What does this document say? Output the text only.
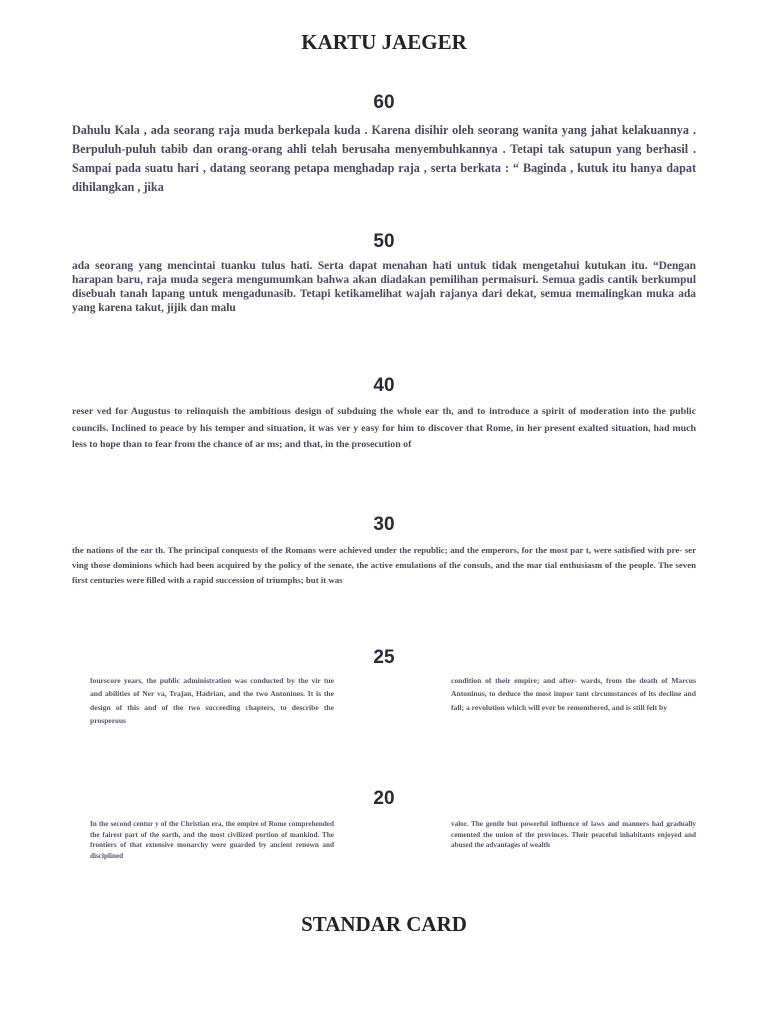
KARTU JAEGER
60

Dahulu Kala , ada seorang raja muda berkepala kuda . Karena disihir oleh seorang wanita yang jahat kelakuannya . Berpuluh-puluh tabib dan orang-orang ahli telah berusaha menyembuhkannya . Tetapi tak satupun yang berhasil . Sampai pada suatu hari , datang seorang petapa menghadap raja , serta berkata : “ Baginda , kutuk itu hanya dapat dihilangkan , jika

50

ada seorang yang mencintai tuanku tulus hati. Serta dapat menahan hati untuk tidak mengetahui kutukan itu. “Dengan harapan baru, raja muda segera mengumumkan bahwa akan diadakan pemilihan permaisuri. Semua gadis cantik berkumpul disebuah tanah lapang untuk mengadunasib. Tetapi ketikamelihat wajah rajanya dari dekat, semua memalingkan muka ada yang karena takut, jijik dan malu

40

reser ved for Augustus to relinquish the ambitious design of subduing the whole ear th, and to introduce a spirit of moderation into the public councils. Inclined to peace by his temper and situation, it was ver y easy for him to discover that Rome, in her present exalted situation, had much less to hope than to fear from the chance of ar ms; and that, in the prosecution of

30

the nations of the ear th. The principal conquests of the Romans were achieved under the republic; and the emperors, for the most par t, were satisfied with pre- ser ving those dominions which had been acquired by the policy of the senate, the active emulations of the consuls, and the mar tial enthusiasm of the people. The seven first centuries were filled with a rapid succession of triumphs; but it was

25

fourscore years, the public administration was conducted by the vir tue and abilities of Ner va, Trajan, Hadrian, and the two Antonines. It is the design of this and of the two succeeding chapters, to describe the prosperous

condition of their empire; and after- wards, from the death of Marcus Antoninus, to deduce the most impor tant circumstances of its decline and fall; a revolution which will ever be remembered, and is still felt by

20

In the second centur y of the Christian era, the empire of Rome comprehended the fairest part of the earth, and the most civilized portion of mankind. The frontiers of that extensive monarchy were guarded by ancient renown and disciplined

valor. The gentle but powerful influence of laws and manners had gradually cemented the union of the provinces. Their peaceful inhabitants enjoyed and abused the advantages of wealth

STANDAR CARD
